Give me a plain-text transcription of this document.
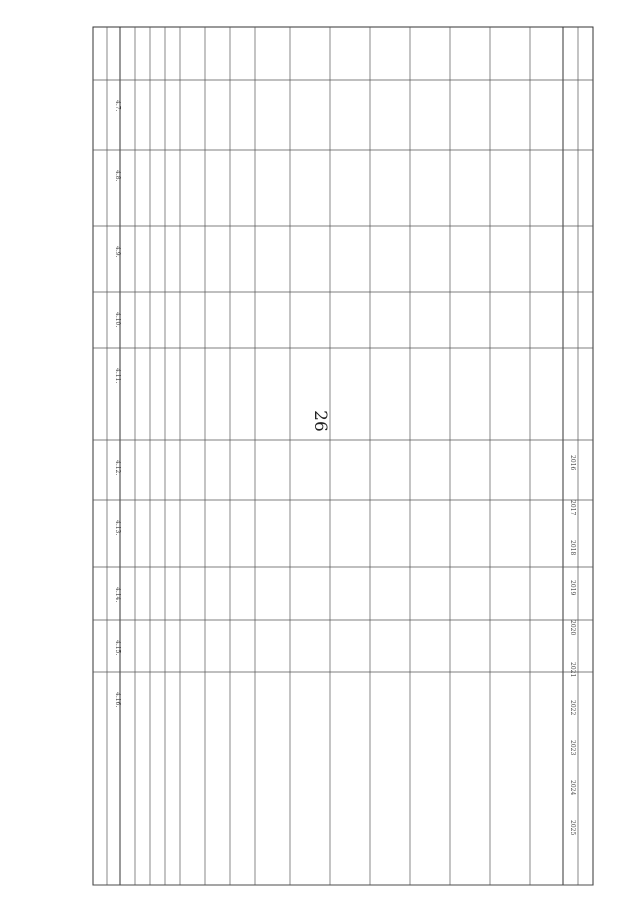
26
4.7.
4.8.
4.9.
4.10.
4.11.
4.12.
4.13.
4.14.
4.15.
4.16.
2016
2017
2018
2019
2020
2021
2022
2023
2024
2025
